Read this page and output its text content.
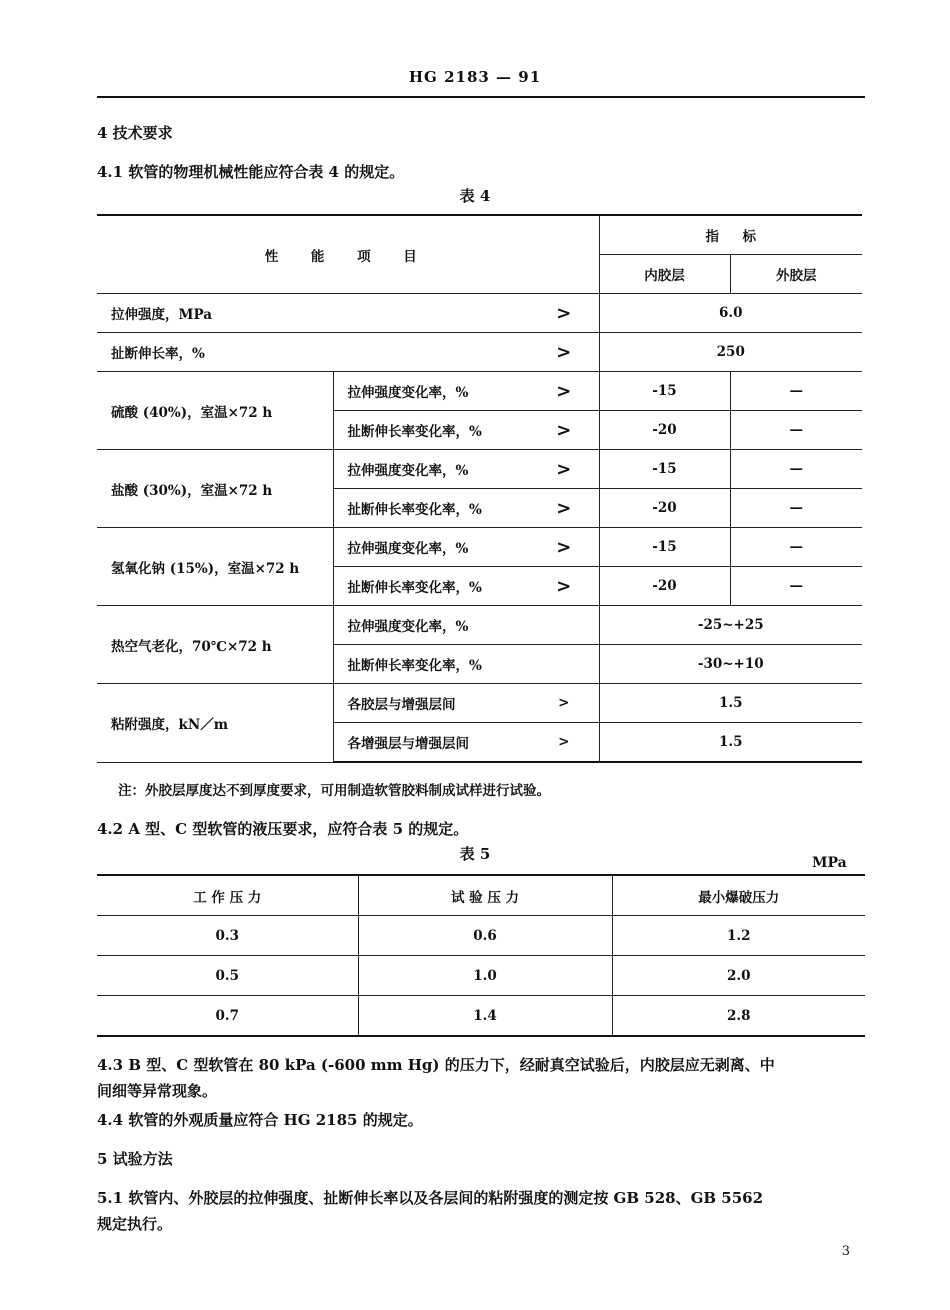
HG 2183 — 91
4 技术要求
4.1 软管的物理机械性能应符合表 4 的规定。
表 4
性 能 项 目			指     标	
			内胶层	外胶层
拉伸强度，MPa		>	6.0	
扯断伸长率，%		>	250	
硫酸 (40%)，室温×72 h	拉伸强度变化率，%	>	-15	—
	扯断伸长率变化率，%	>	-20	—
盐酸 (30%)，室温×72 h	拉伸强度变化率，%	>	-15	—
	扯断伸长率变化率，%	>	-20	—
氢氧化钠 (15%)，室温×72 h	拉伸强度变化率，%	>	-15	—
	扯断伸长率变化率，%	>	-20	—
热空气老化，70℃×72 h	拉伸强度变化率，%		-25~+25	
	扯断伸长率变化率，%		-30~+10	
粘附强度，kN／m	各胶层与增强层间	>	1.5	
	各增强层与增强层间	>	1.5	
注：外胶层厚度达不到厚度要求，可用制造软管胶料制成试样进行试验。
4.2 A 型、C 型软管的液压要求，应符合表 5 的规定。
表 5	MPa
工 作 压 力	试 验 压 力	最小爆破压力
0.3	0.6	1.2
0.5	1.0	2.0
0.7	1.4	2.8
4.3 B 型、C 型软管在 80 kPa (-600 mm Hg) 的压力下，经耐真空试验后，内胶层应无剥离、中
间细等异常现象。
4.4 软管的外观质量应符合 HG 2185 的规定。
5 试验方法
5.1 软管内、外胶层的拉伸强度、扯断伸长率以及各层间的粘附强度的测定按 GB 528、GB 5562
规定执行。
3
